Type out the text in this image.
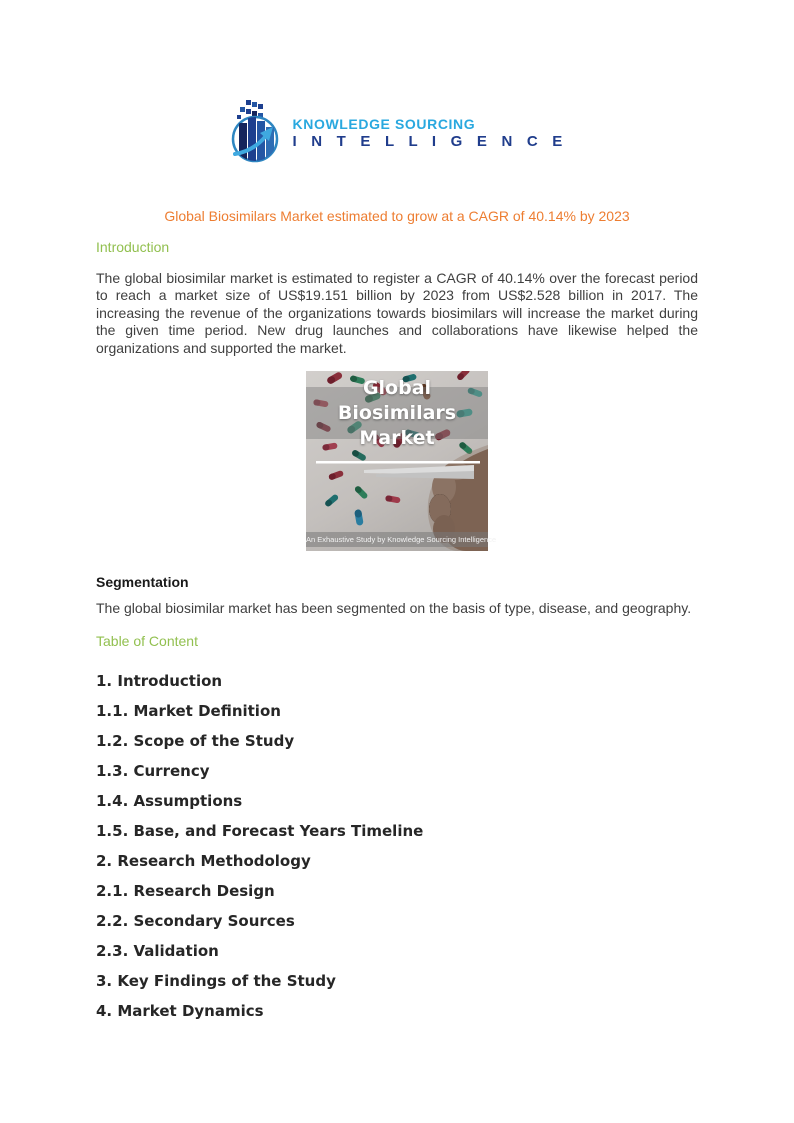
KNOWLEDGE SOURCING
I N T E L L I G E N C E
Global Biosimilars Market estimated to grow at a CAGR of 40.14% by 2023
Introduction
The global biosimilar market is estimated to register a CAGR of 40.14% over the forecast period to reach a market size of US$19.151 billion by 2023 from US$2.528 billion in 2017. The increasing the revenue of the organizations towards biosimilars will increase the market during the given time period. New drug launches and collaborations have likewise helped the organizations and supported the market.
Global Biosimilars
Market
An Exhaustive Study by Knowledge Sourcing Intelligence
Segmentation
The global biosimilar market has been segmented on the basis of type, disease, and geography.
Table of Content
1. Introduction
1.1. Market Definition
1.2. Scope of the Study
1.3. Currency
1.4. Assumptions
1.5. Base, and Forecast Years Timeline
2. Research Methodology
2.1. Research Design
2.2. Secondary Sources
2.3. Validation
3. Key Findings of the Study
4. Market Dynamics
